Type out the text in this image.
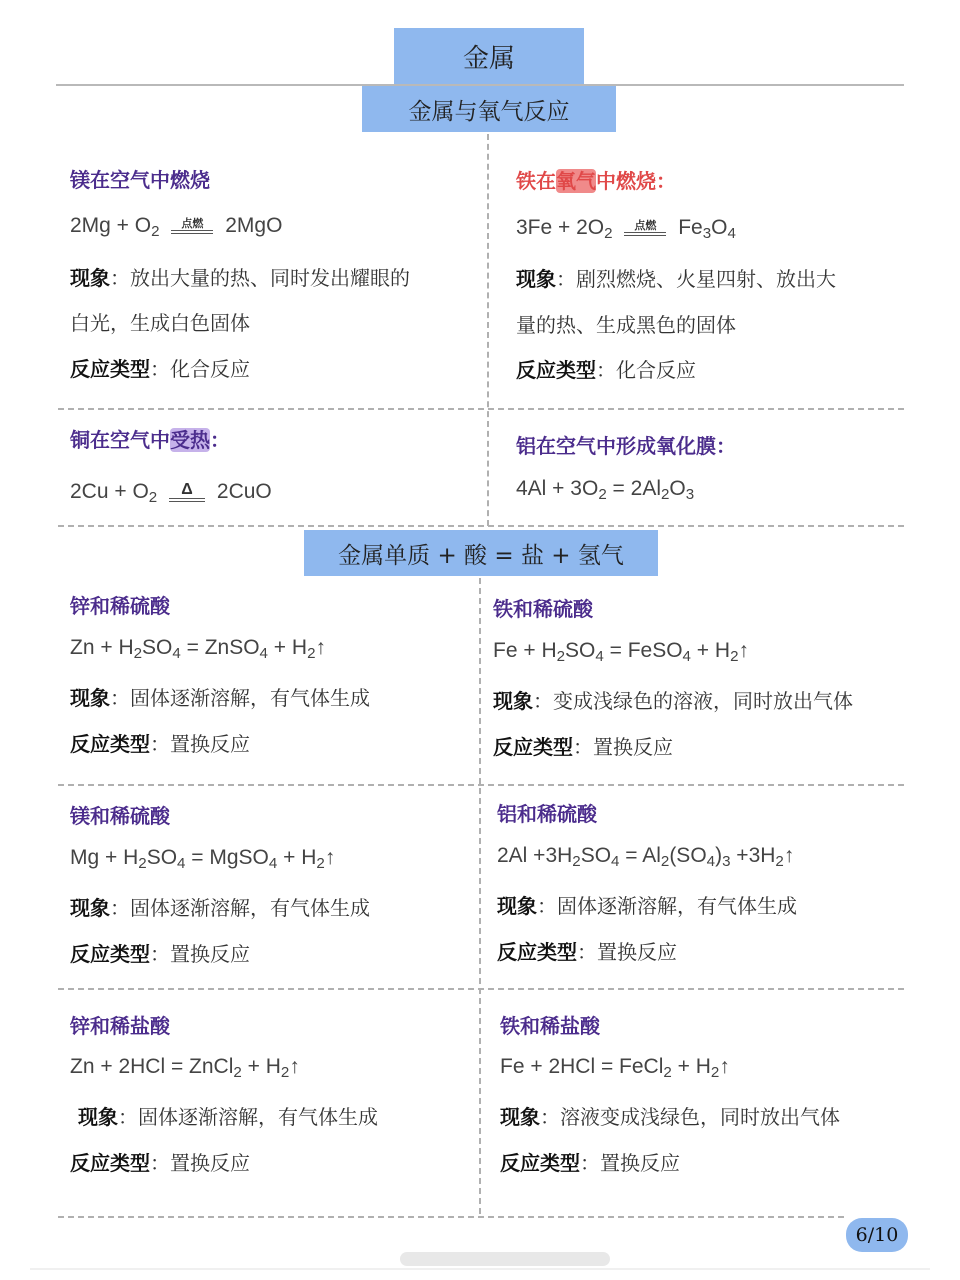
金属
金属与氧气反应
镁在空气中燃烧
$2Mg + O_2$	点燃	2MgO
现象：放出大量的热、同时发出耀眼的
白光，生成白色固体
反应类型：化合反应
铁在氧气中燃烧：
$3Fe + 2O_2$	点燃	$Fe_3O_4$
现象：剧烈燃烧、火星四射、放出大
量的热、生成黑色的固体
反应类型：化合反应
铜在空气中受热：
$2Cu + O_2$	Δ	2CuO
铝在空气中形成氧化膜：
$4Al + 3O_2 = 2Al_2O_3$
金属单质 + 酸 = 盐 + 氢气
锌和稀硫酸
$Zn + H_2SO_4$ = ZnSO$_4$ + $H_2↑$
现象：固体逐渐溶解，有气体生成
反应类型：置换反应
铁和稀硫酸
$Fe + H_2SO_4$ = FeSO$_4$ + $H_2↑$
现象：变成浅绿色的溶液，同时放出气体
反应类型：置换反应
镁和稀硫酸
$Mg + H_2SO_4$ = MgSO$_4$ + $H_2↑$
现象：固体逐渐溶解，有气体生成
反应类型：置换反应
铝和稀硫酸
$2Al +3H_2SO_4 = Al_2(SO_4)_3$ $+3H_2↑$
现象：固体逐渐溶解，有气体生成
反应类型：置换反应
锌和稀盐酸
Zn + 2HCl = ZnCl$_2$ + $H_2↑$
现象：固体逐渐溶解，有气体生成
反应类型：置换反应
铁和稀盐酸
Fe + 2HCl = FeCl$_2$ + $H_2↑$
现象：溶液变成浅绿色，同时放出气体
反应类型：置换反应
6/10
